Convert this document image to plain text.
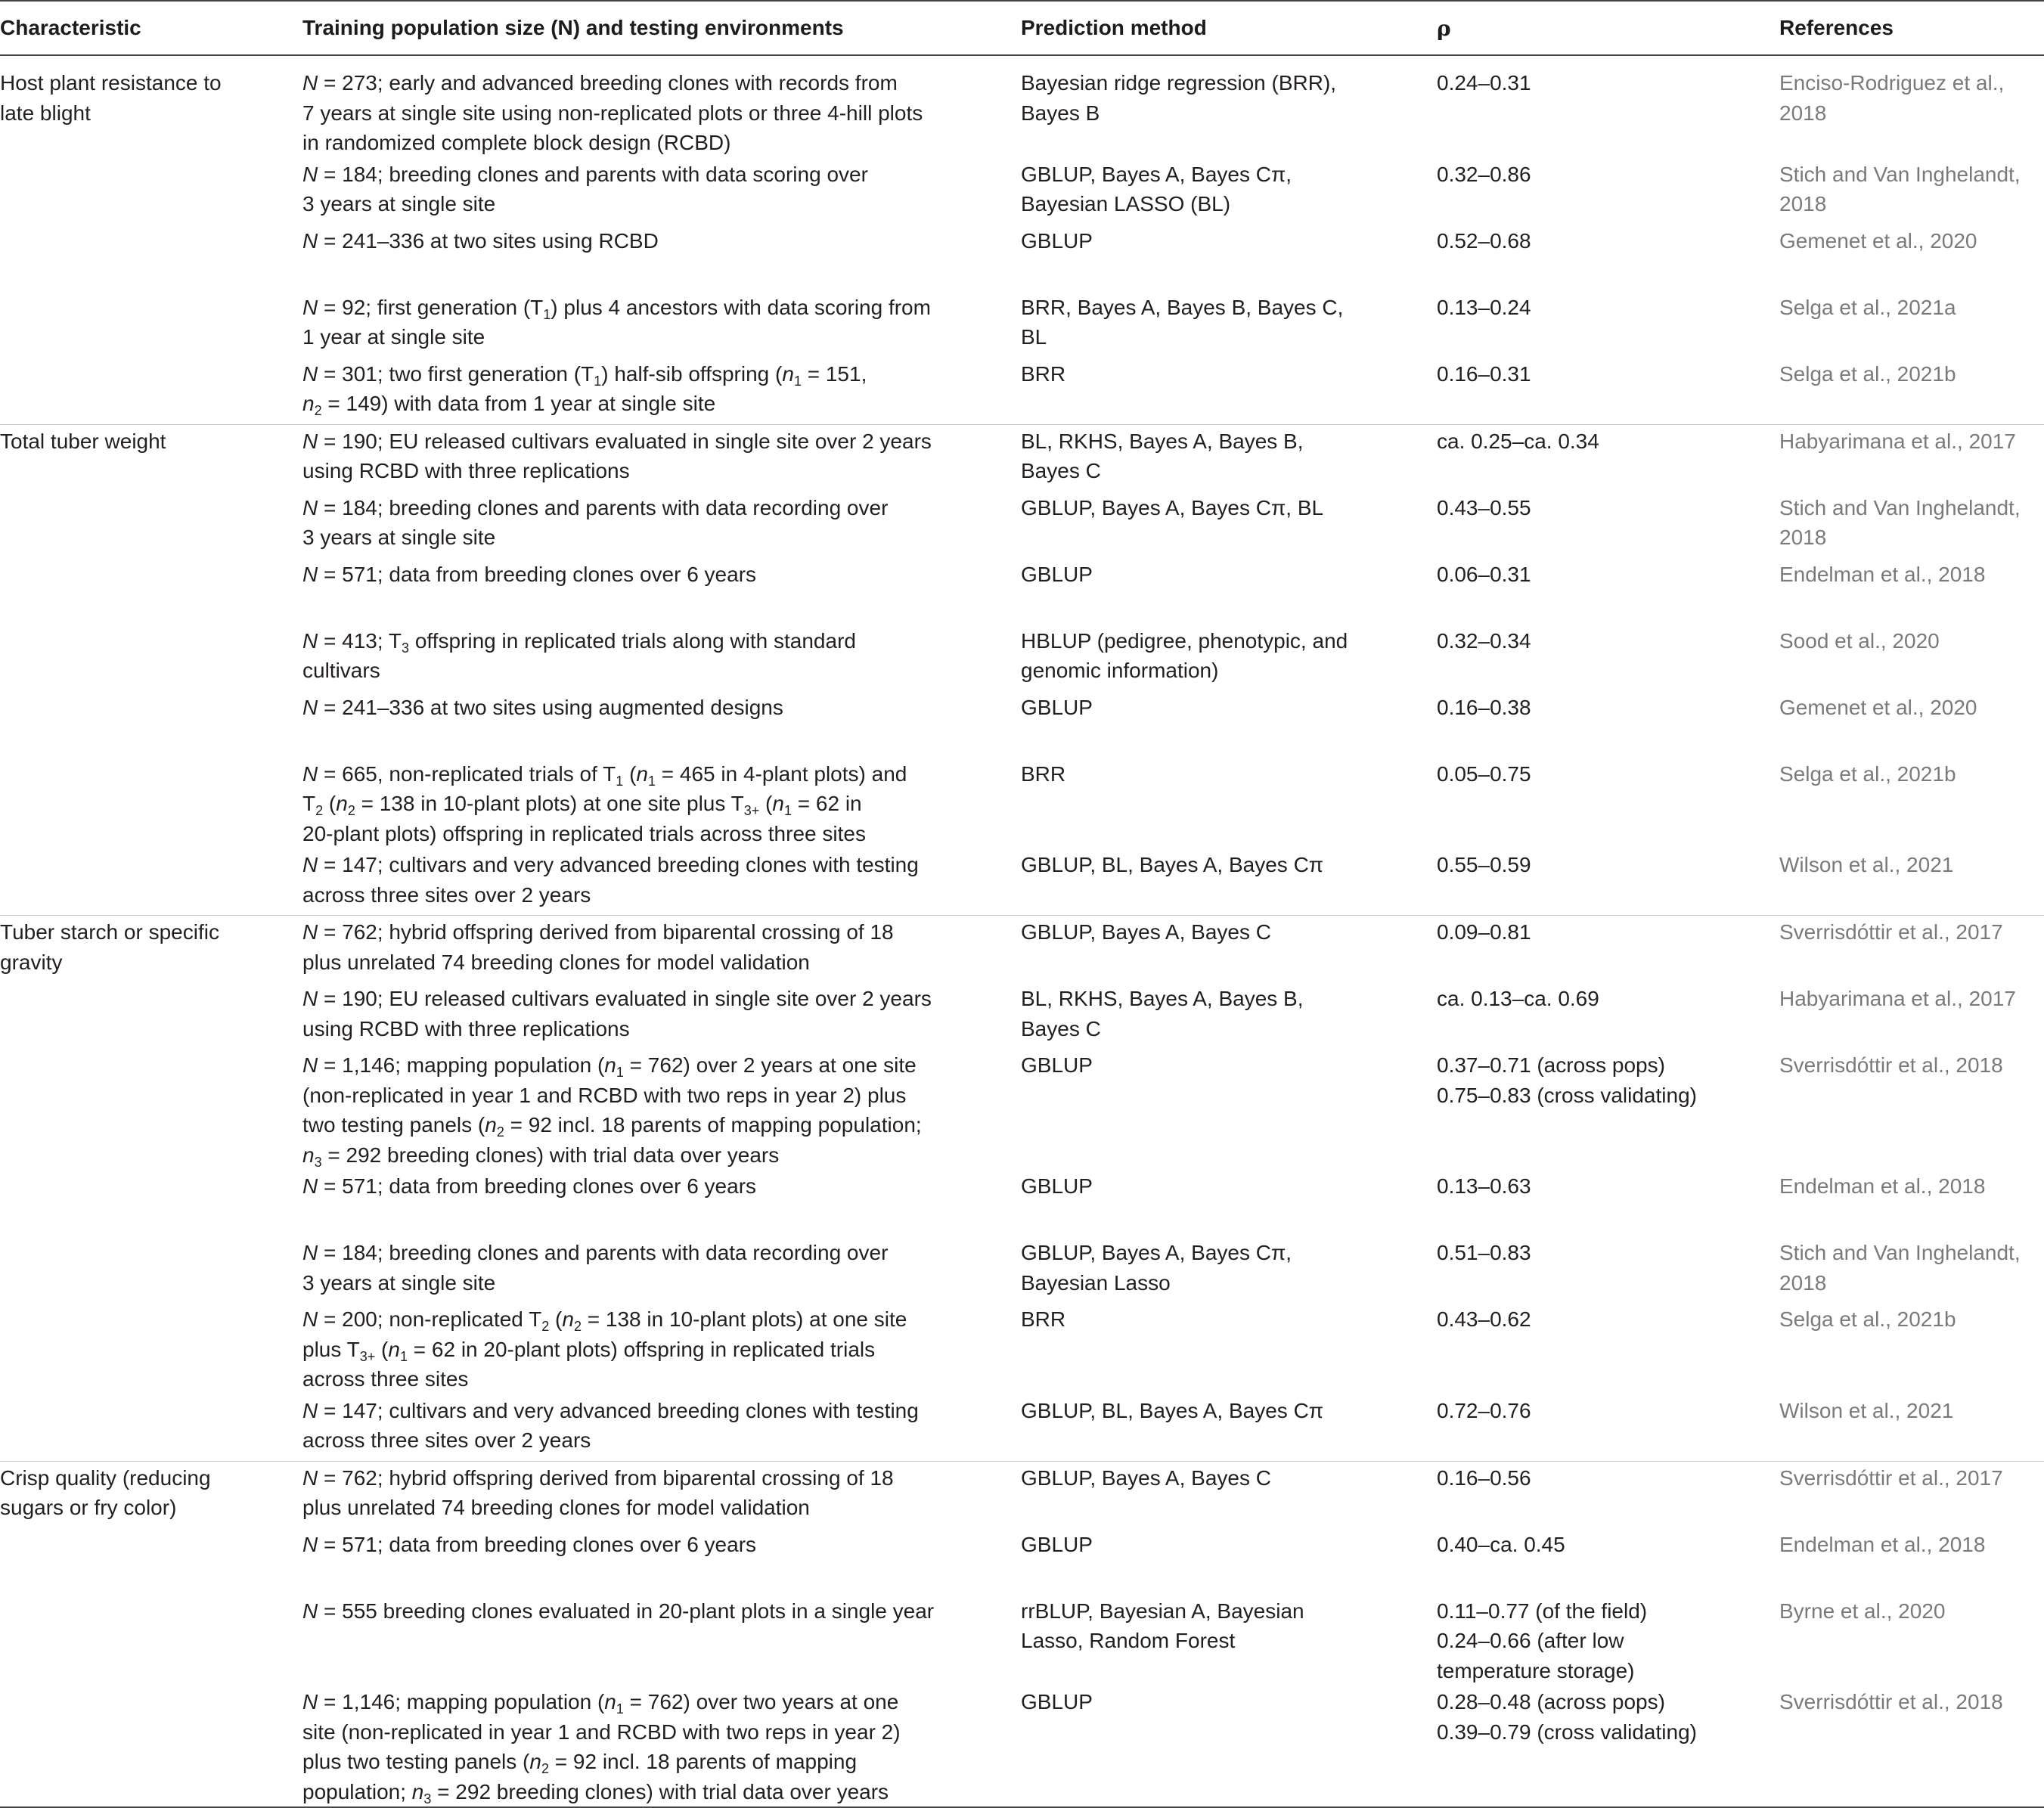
Characteristic	Training population size (N) and testing environments	Prediction method	ρ	References

Host plant resistance to
late blight	N = 273; early and advanced breeding clones with records from
7 years at single site using non-replicated plots or three 4-hill plots
in randomized complete block design (RCBD)	Bayesian ridge regression (BRR),
Bayes B	0.24–0.31	Enciso-Rodriguez et al.,
2018

	N = 184; breeding clones and parents with data scoring over
3 years at single site	GBLUP, Bayes A, Bayes Cπ,
Bayesian LASSO (BL)	0.32–0.86	Stich and Van Inghelandt,
2018

	N = 241–336 at two sites using RCBD	GBLUP	0.52–0.68	Gemenet et al., 2020

	N = 92; first generation $(T_1)$ plus 4 ancestors with data scoring from
1 year at single site	BRR, Bayes A, Bayes B, Bayes C,
BL	0.13–0.24	Selga et al., 2021a

	N = 301; two first generation $(T_1)$ half-sib offspring ($n_1 = 151$,
$n_2 = 149$) with data from 1 year at single site	BRR	0.16–0.31	Selga et al., 2021b

Total tuber weight	N = 190; EU released cultivars evaluated in single site over 2 years
using RCBD with three replications	BL, RKHS, Bayes A, Bayes B,
Bayes C	ca. 0.25–ca. 0.34	Habyarimana et al., 2017

	N = 184; breeding clones and parents with data recording over
3 years at single site	GBLUP, Bayes A, Bayes Cπ, BL	0.43–0.55	Stich and Van Inghelandt,
2018

	N = 571; data from breeding clones over 6 years	GBLUP	0.06–0.31	Endelman et al., 2018

	N = 413; $T_3$ offspring in replicated trials along with standard
cultivars	HBLUP (pedigree, phenotypic, and
genomic information)	0.32–0.34	Sood et al., 2020

	N = 241–336 at two sites using augmented designs	GBLUP	0.16–0.38	Gemenet et al., 2020

	N = 665, non-replicated trials of $T_1$ ($n_1 = 465$ in 4-plant plots) and
$T_2$ ($n_2 = 138$ in 10-plant plots) at one site plus $T_{3+}$ ($n_1 = 62$ in
20-plant plots) offspring in replicated trials across three sites	BRR	0.05–0.75	Selga et al., 2021b

	N = 147; cultivars and very advanced breeding clones with testing
across three sites over 2 years	GBLUP, BL, Bayes A, Bayes Cπ	0.55–0.59	Wilson et al., 2021

Tuber starch or specific
gravity	N = 762; hybrid offspring derived from biparental crossing of 18
plus unrelated 74 breeding clones for model validation	GBLUP, Bayes A, Bayes C	0.09–0.81	Sverrisdóttir et al., 2017

	N = 190; EU released cultivars evaluated in single site over 2 years
using RCBD with three replications	BL, RKHS, Bayes A, Bayes B,
Bayes C	ca. 0.13–ca. 0.69	Habyarimana et al., 2017

	N = 1,146; mapping population $(n_1 = 762)$ over 2 years at one site
(non-replicated in year 1 and RCBD with two reps in year 2) plus
two testing panels ($n_2 = 92$ incl. 18 parents of mapping population;
$n_3 = 292$ breeding clones) with trial data over years	GBLUP	0.37–0.71 (across pops)
0.75–0.83 (cross validating)	Sverrisdóttir et al., 2018

	N = 571; data from breeding clones over 6 years	GBLUP	0.13–0.63	Endelman et al., 2018

	N = 184; breeding clones and parents with data recording over
3 years at single site	GBLUP, Bayes A, Bayes Cπ,
Bayesian Lasso	0.51–0.83	Stich and Van Inghelandt,
2018

	N = 200; non-replicated $T_2$ ($n_2 = 138$ in 10-plant plots) at one site
plus $T_{3+}$ ($n_1 = 62$ in 20-plant plots) offspring in replicated trials
across three sites	BRR	0.43–0.62	Selga et al., 2021b

	N = 147; cultivars and very advanced breeding clones with testing
across three sites over 2 years	GBLUP, BL, Bayes A, Bayes Cπ	0.72–0.76	Wilson et al., 2021

Crisp quality (reducing
sugars or fry color)	N = 762; hybrid offspring derived from biparental crossing of 18
plus unrelated 74 breeding clones for model validation	GBLUP, Bayes A, Bayes C	0.16–0.56	Sverrisdóttir et al., 2017

	N = 571; data from breeding clones over 6 years	GBLUP	0.40–ca. 0.45	Endelman et al., 2018

	N = 555 breeding clones evaluated in 20-plant plots in a single year	rrBLUP, Bayesian A, Bayesian
Lasso, Random Forest	0.11–0.77 (of the field)
0.24–0.66 (after low
temperature storage)	Byrne et al., 2020

	N = 1,146; mapping population $(n_1 = 762)$ over two years at one
site (non-replicated in year 1 and RCBD with two reps in year 2)
plus two testing panels ($n_2 = 92$ incl. 18 parents of mapping
population; $n_3 = 292$ breeding clones) with trial data over years	GBLUP	0.28–0.48 (across pops)
0.39–0.79 (cross validating)	Sverrisdóttir et al., 2018
